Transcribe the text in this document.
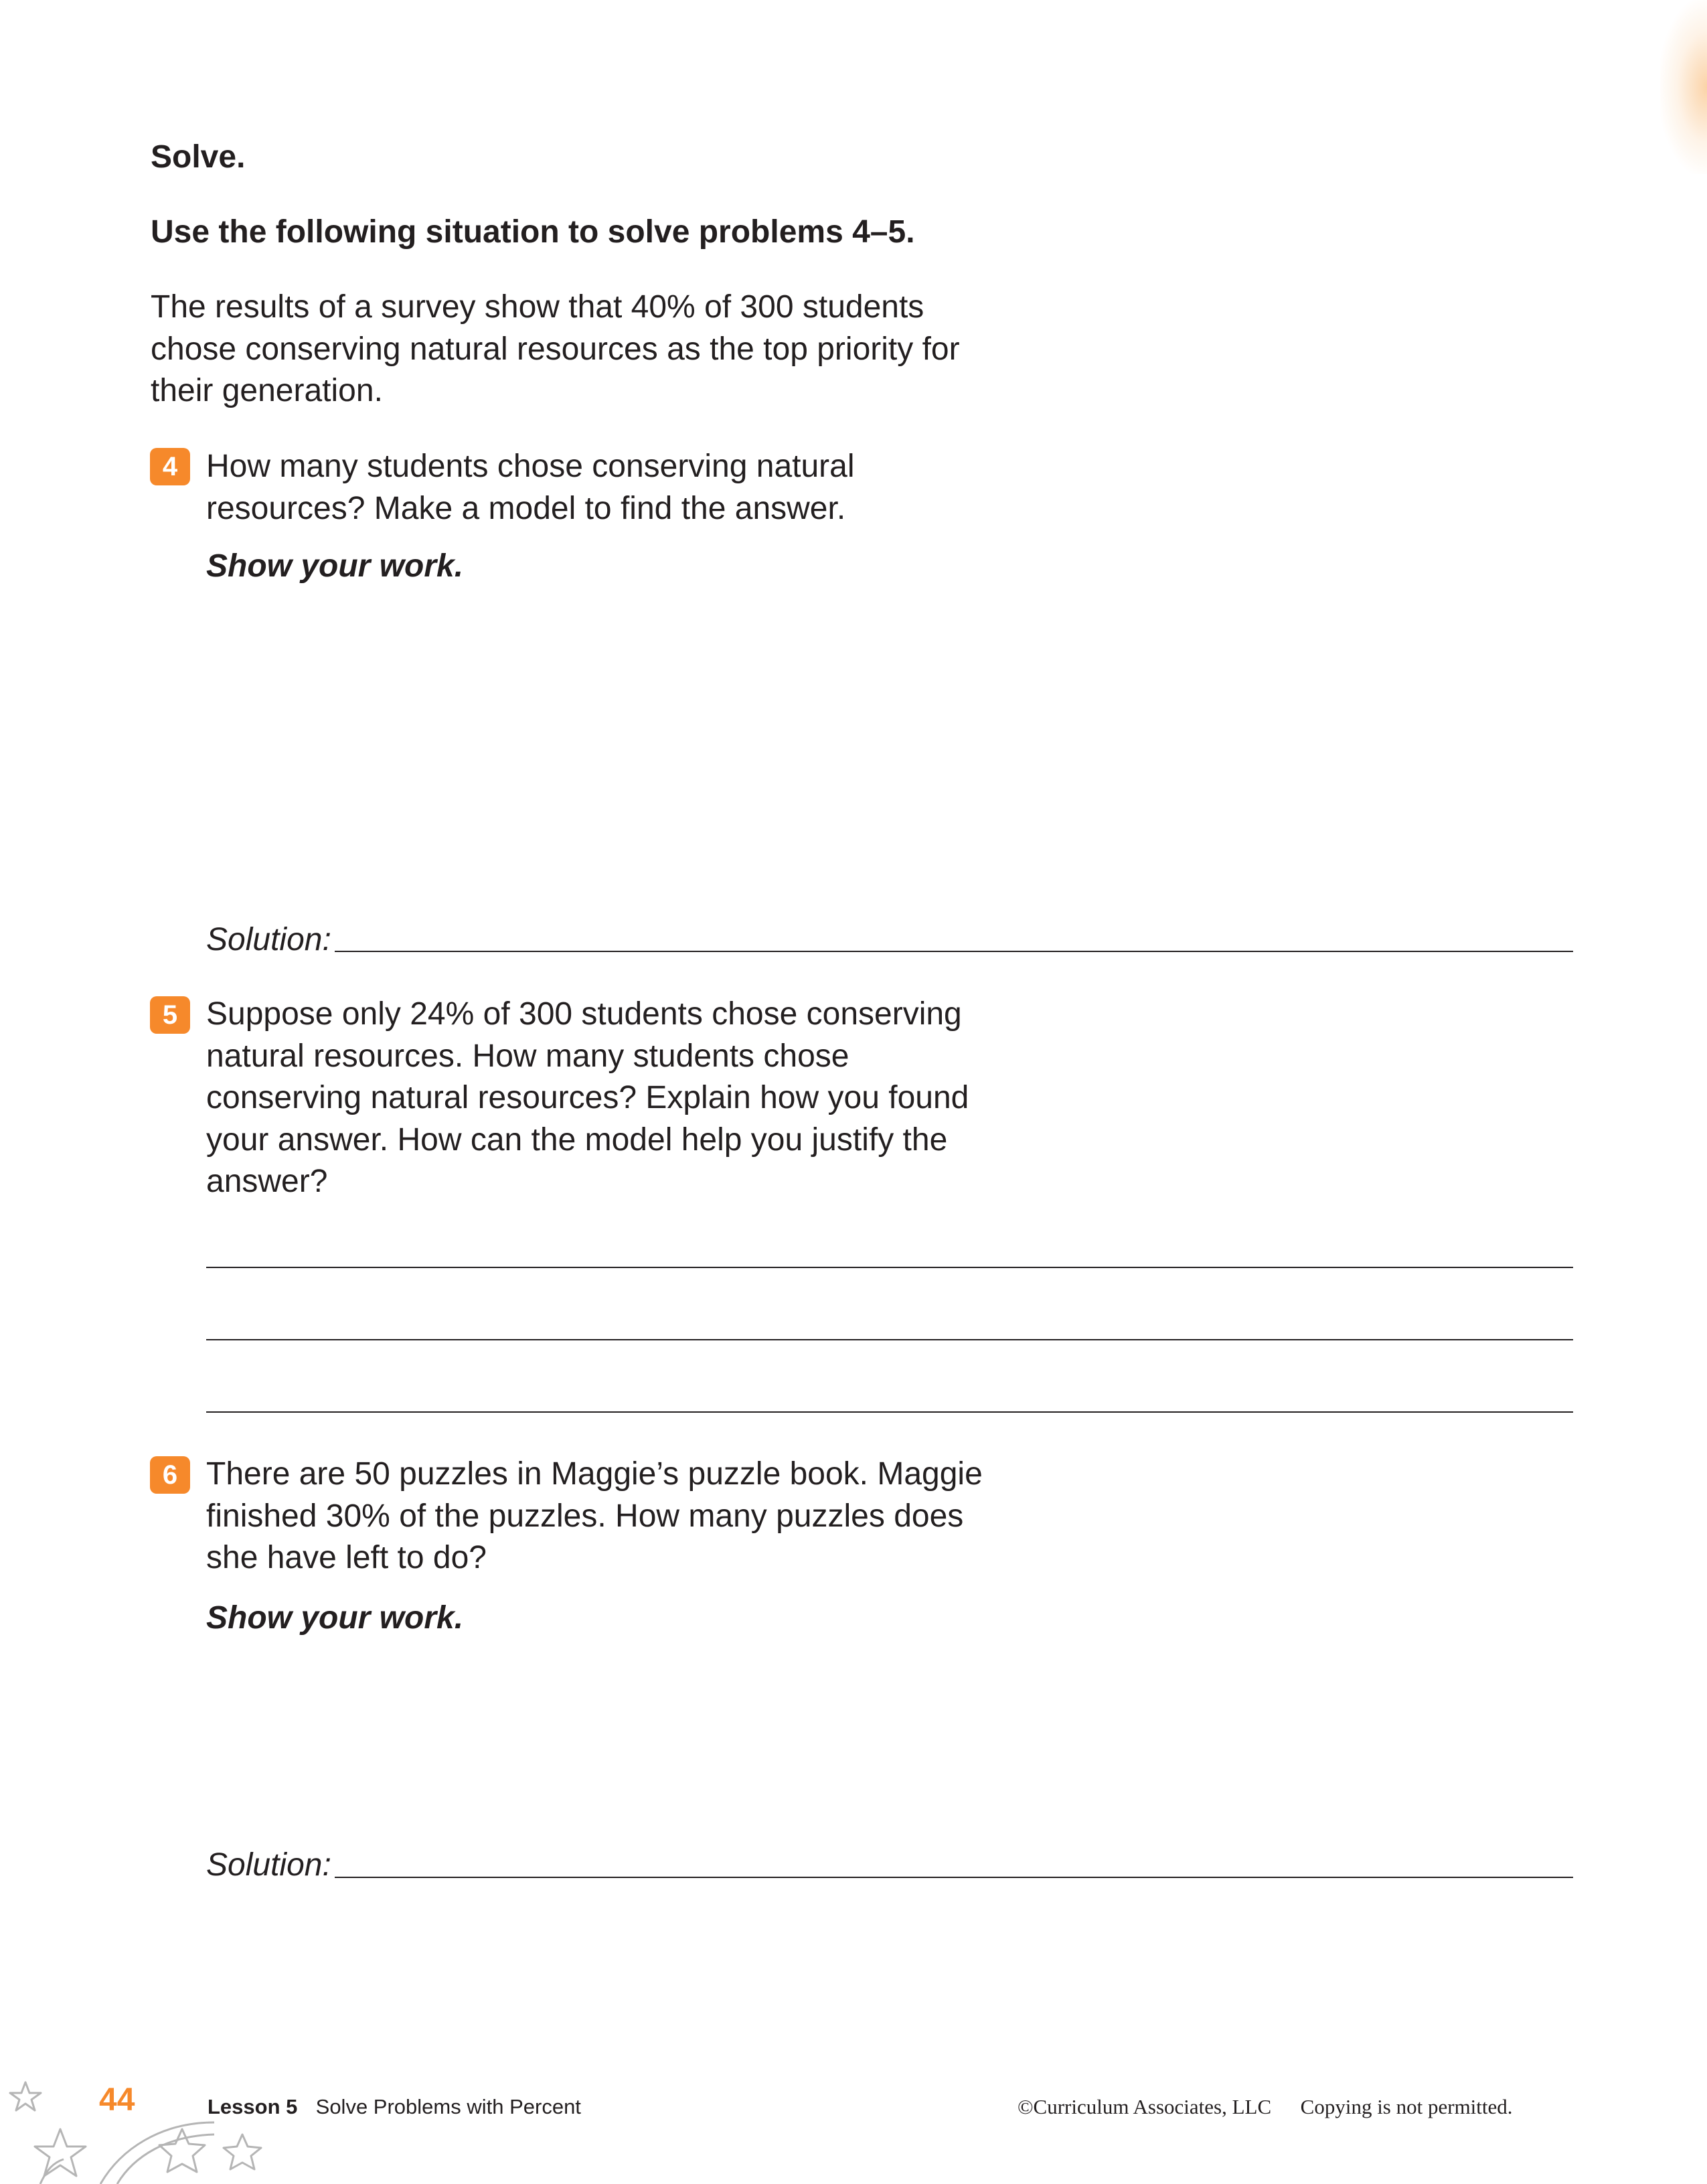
Solve.
Use the following situation to solve problems 4–5.
The results of a survey show that 40% of 300 students chose conserving natural resources as the top priority for their generation.
4 How many students chose conserving natural resources? Make a model to find the answer.
Show your work.
Solution:
5 Suppose only 24% of 300 students chose conserving natural resources. How many students chose conserving natural resources? Explain how you found your answer. How can the model help you justify the answer?
6 There are 50 puzzles in Maggie’s puzzle book. Maggie finished 30% of the puzzles. How many puzzles does she have left to do?
Show your work.
Solution:
44	Lesson 5 Solve Problems with Percent	©Curriculum Associates, LLC Copying is not permitted.
